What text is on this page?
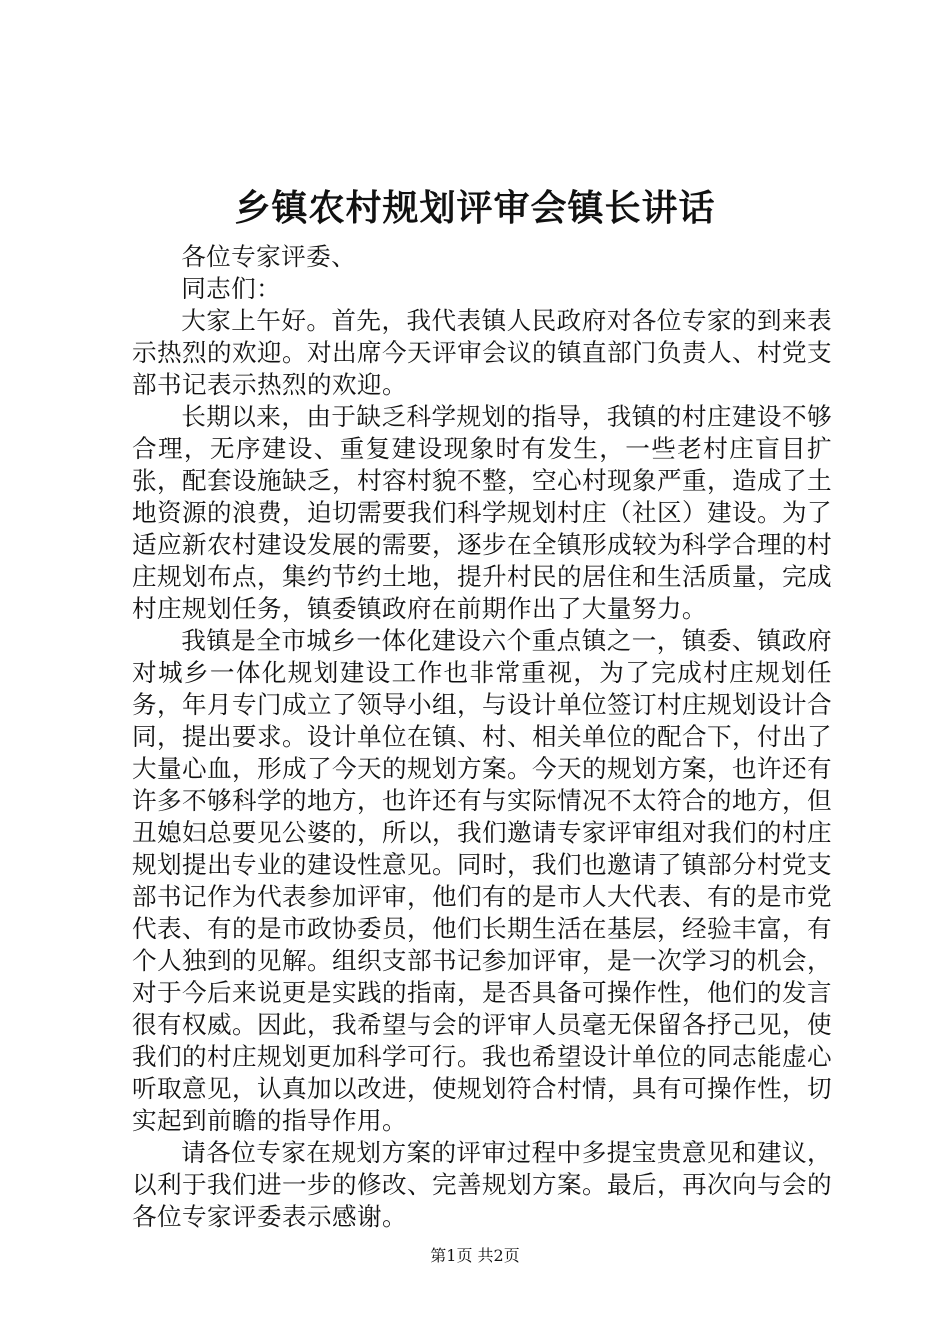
乡镇农村规划评审会镇长讲话

各位专家评委、

同志们：

大家上午好。首先，我代表镇人民政府对各位专家的到来表示热烈的欢迎。对出席今天评审会议的镇直部门负责人、村党支部书记表示热烈的欢迎。

长期以来，由于缺乏科学规划的指导，我镇的村庄建设不够合理，无序建设、重复建设现象时有发生，一些老村庄盲目扩张，配套设施缺乏，村容村貌不整，空心村现象严重，造成了土地资源的浪费，迫切需要我们科学规划村庄（社区）建设。为了适应新农村建设发展的需要，逐步在全镇形成较为科学合理的村庄规划布点，集约节约土地，提升村民的居住和生活质量，完成村庄规划任务，镇委镇政府在前期作出了大量努力。

我镇是全市城乡一体化建设六个重点镇之一，镇委、镇政府对城乡一体化规划建设工作也非常重视，为了完成村庄规划任务，年月专门成立了领导小组，与设计单位签订村庄规划设计合同，提出要求。设计单位在镇、村、相关单位的配合下，付出了大量心血，形成了今天的规划方案。今天的规划方案，也许还有许多不够科学的地方，也许还有与实际情况不太符合的地方，但丑媳妇总要见公婆的，所以，我们邀请专家评审组对我们的村庄规划提出专业的建设性意见。同时，我们也邀请了镇部分村党支部书记作为代表参加评审，他们有的是市人大代表、有的是市党代表、有的是市政协委员，他们长期生活在基层，经验丰富，有个人独到的见解。组织支部书记参加评审，是一次学习的机会，对于今后来说更是实践的指南，是否具备可操作性，他们的发言很有权威。因此，我希望与会的评审人员毫无保留各抒己见，使我们的村庄规划更加科学可行。我也希望设计单位的同志能虚心听取意见，认真加以改进，使规划符合村情，具有可操作性，切实起到前瞻的指导作用。

请各位专家在规划方案的评审过程中多提宝贵意见和建议，以利于我们进一步的修改、完善规划方案。最后，再次向与会的各位专家评委表示感谢。

第1页 共2页
